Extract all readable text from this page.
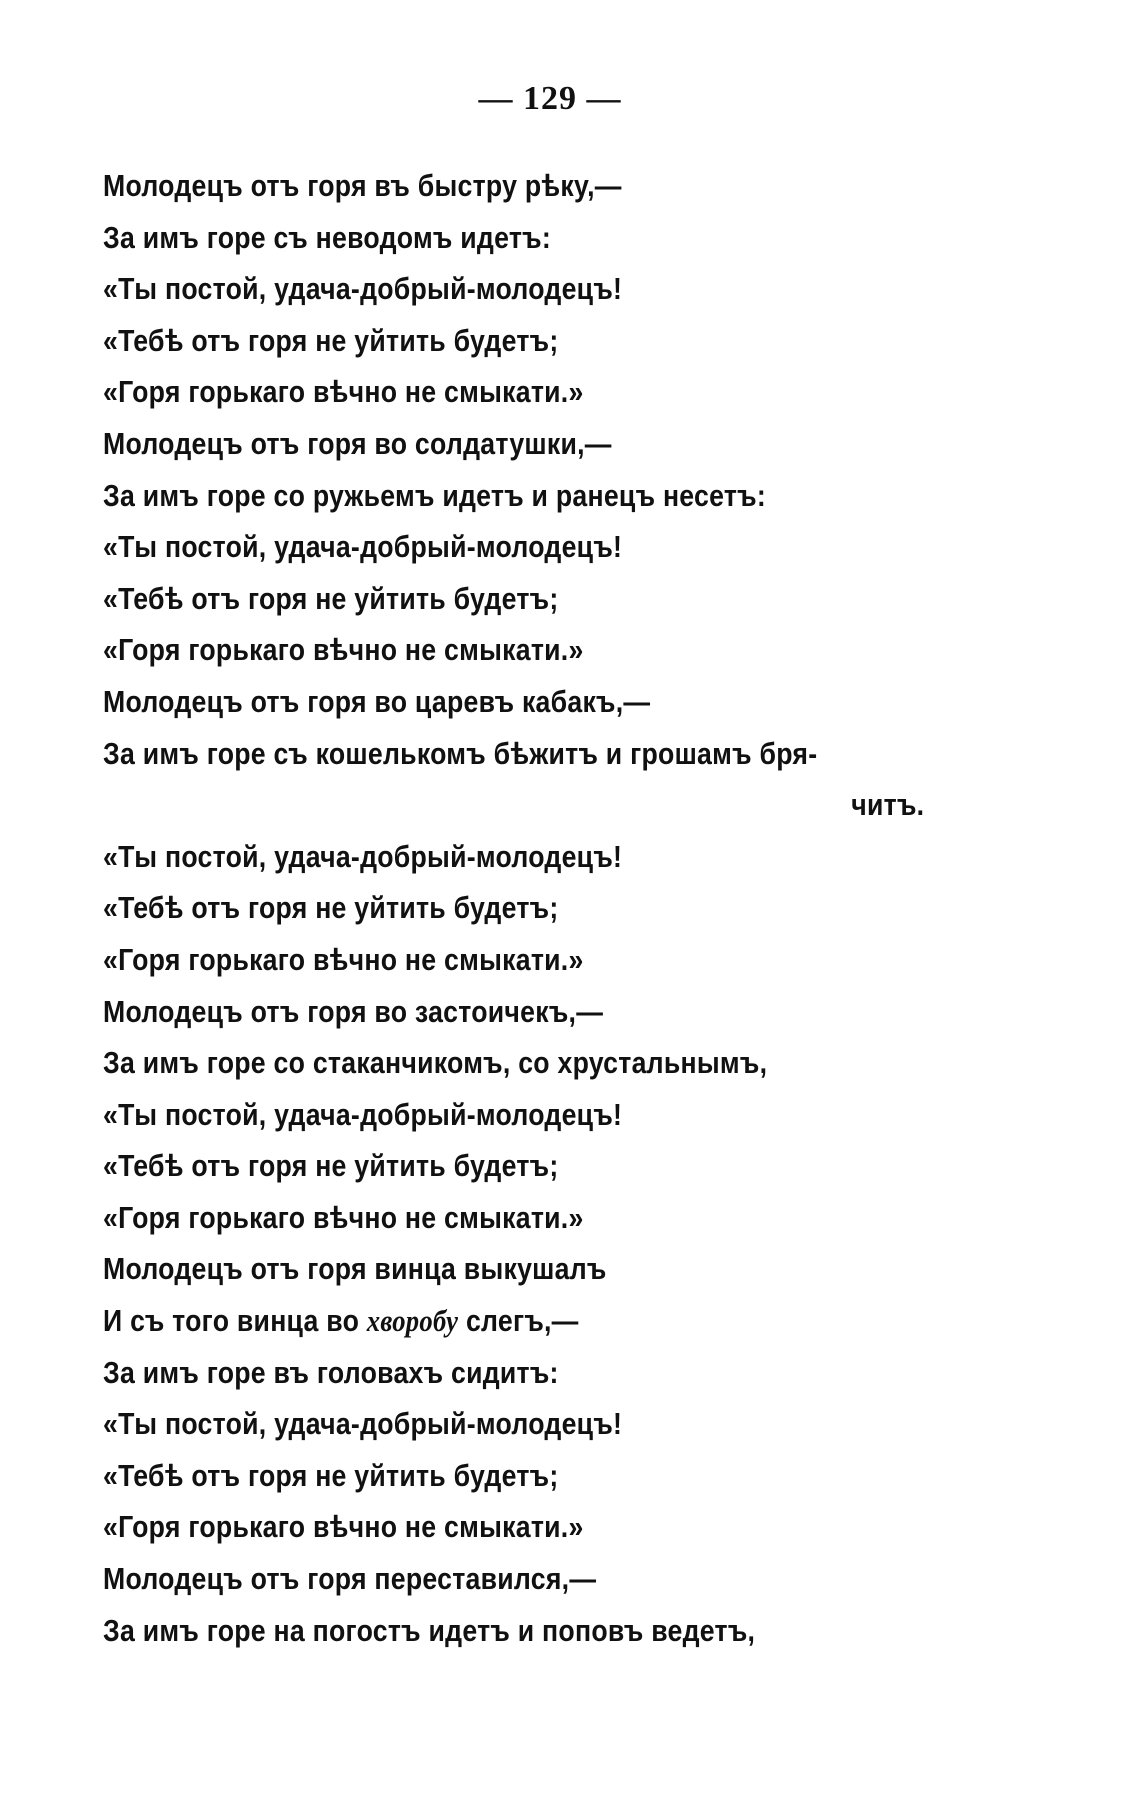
— 129 —
Молодецъ отъ горя въ быстру рѣку,—
За имъ горе съ неводомъ идетъ:
«Ты постой, удача-добрый-молодецъ!
«Тебѣ отъ горя не уйтить будетъ;
«Горя горькаго вѣчно не смыкати.»
Молодецъ отъ горя во солдатушки,—
За имъ горе со ружьемъ идетъ и ранецъ несетъ:
«Ты постой, удача-добрый-молодецъ!
«Тебѣ отъ горя не уйтить будетъ;
«Горя горькаго вѣчно не смыкати.»
Молодецъ отъ горя во царевъ кабакъ,—
За имъ горе съ кошелькомъ бѣжитъ и грошамъ бря-
читъ.
«Ты постой, удача-добрый-молодецъ!
«Тебѣ отъ горя не уйтить будетъ;
«Горя горькаго вѣчно не смыкати.»
Молодецъ отъ горя во застоичекъ,—
За имъ горе со стаканчикомъ, со хрустальнымъ,
«Ты постой, удача-добрый-молодецъ!
«Тебѣ отъ горя не уйтить будетъ;
«Горя горькаго вѣчно не смыкати.»
Молодецъ отъ горя винца выкушалъ
И съ того винца во хворобу слегъ,—
За имъ горе въ головахъ сидитъ:
«Ты постой, удача-добрый-молодецъ!
«Тебѣ отъ горя не уйтить будетъ;
«Горя горькаго вѣчно не смыкати.»
Молодецъ отъ горя переставился,—
За имъ горе на погостъ идетъ и поповъ ведетъ,
